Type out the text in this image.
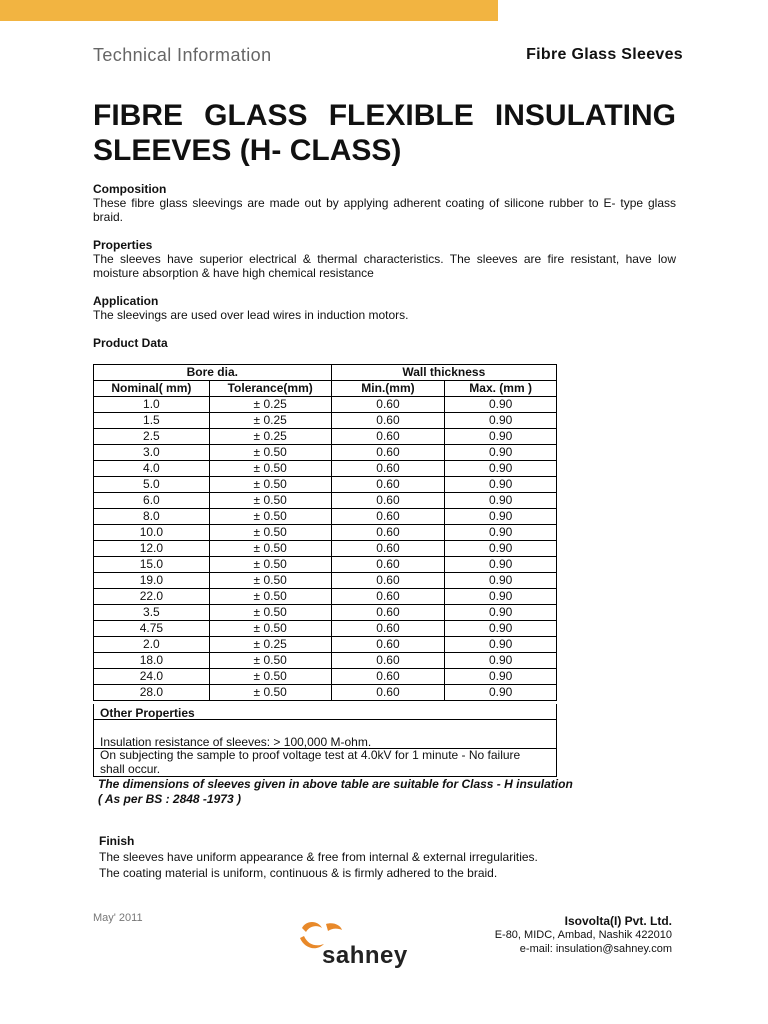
Technical Information	Fibre Glass Sleeves
FIBRE GLASS FLEXIBLE INSULATING SLEEVES (H- CLASS)
Composition
These fibre glass sleevings are made out by applying adherent coating of silicone rubber to E- type glass braid.
Properties
The sleeves have superior electrical & thermal characteristics. The sleeves are fire resistant, have low moisture absorption & have high chemical resistance
Application
The sleevings are used over lead wires in induction motors.
Product Data
Bore dia.		Wall thickness	
Nominal( mm)	Tolerance(mm)	Min.(mm)	Max. (mm )
1.0	± 0.25	0.60	0.90
1.5	± 0.25	0.60	0.90
2.5	± 0.25	0.60	0.90
3.0	± 0.50	0.60	0.90
4.0	± 0.50	0.60	0.90
5.0	± 0.50	0.60	0.90
6.0	± 0.50	0.60	0.90
8.0	± 0.50	0.60	0.90
10.0	± 0.50	0.60	0.90
12.0	± 0.50	0.60	0.90
15.0	± 0.50	0.60	0.90
19.0	± 0.50	0.60	0.90
22.0	± 0.50	0.60	0.90
3.5	± 0.50	0.60	0.90
4.75	± 0.50	0.60	0.90
2.0	± 0.25	0.60	0.90
18.0	± 0.50	0.60	0.90
24.0	± 0.50	0.60	0.90
28.0	± 0.50	0.60	0.90
Other Properties
Insulation resistance of sleeves: > 100,000 M-ohm.
On subjecting the sample to proof voltage test at 4.0kV for 1 minute - No failure shall occur.
The dimensions of sleeves given in above table are suitable for Class - H insulation
( As per BS : 2848 -1973 )
Finish
The sleeves have uniform appearance & free from internal & external irregularities.
The coating material is uniform, continuous & is firmly adhered to the braid.
May' 2011
sahney
Isovolta(I) Pvt. Ltd.
E-80, MIDC, Ambad, Nashik 422010
e-mail: insulation@sahney.com
